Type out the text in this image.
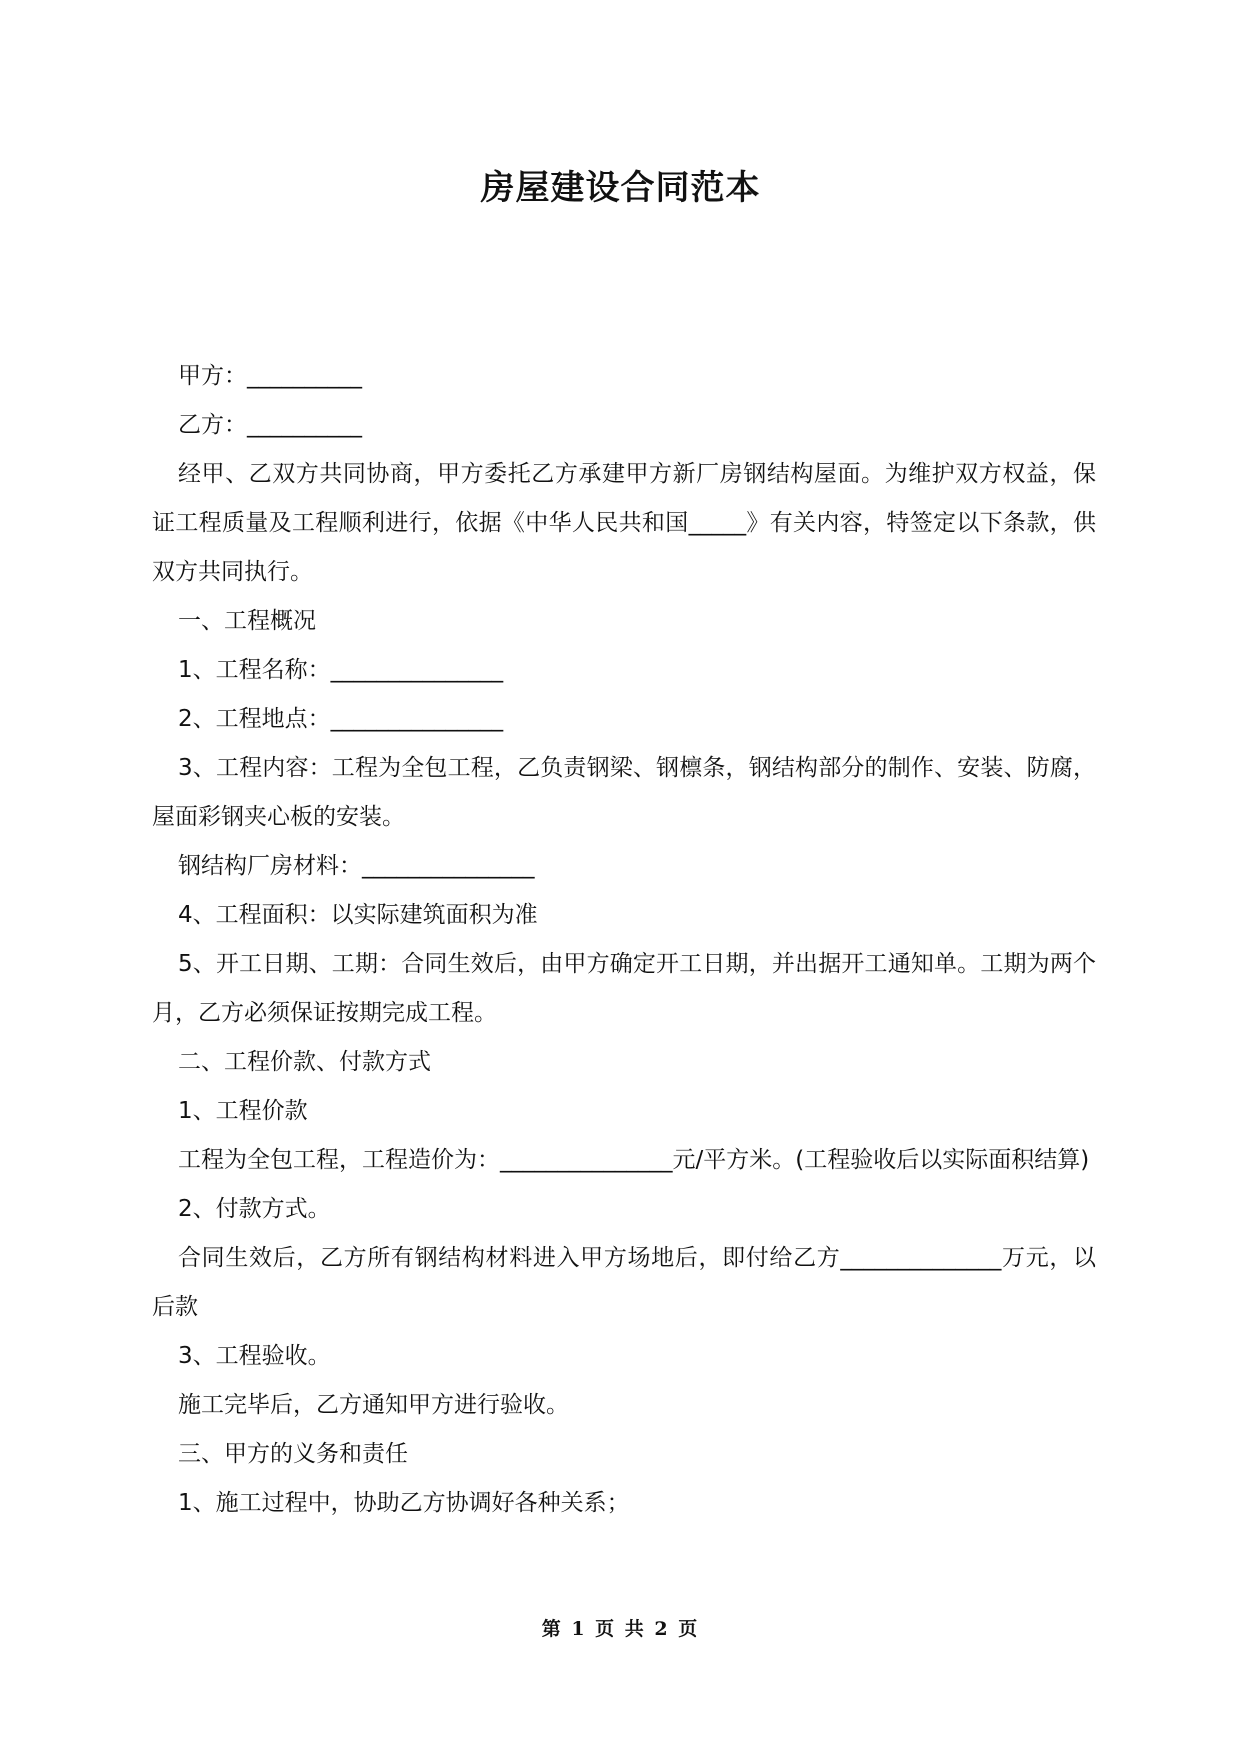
房屋建设合同范本

甲方：__________

乙方：__________

经甲、乙双方共同协商，甲方委托乙方承建甲方新厂房钢结构屋面。为维护双方权益，保证工程质量及工程顺利进行，依据《中华人民共和国_____》有关内容，特签定以下条款，供双方共同执行。

一、工程概况

1、工程名称：_______________

2、工程地点：_______________

3、工程内容：工程为全包工程，乙负责钢梁、钢檩条，钢结构部分的制作、安装、防腐，屋面彩钢夹心板的安装。

钢结构厂房材料：_______________

4、工程面积：以实际建筑面积为准

5、开工日期、工期：合同生效后，由甲方确定开工日期，并出据开工通知单。工期为两个月，乙方必须保证按期完成工程。

二、工程价款、付款方式

1、工程价款

工程为全包工程，工程造价为：_______________元/平方米。(工程验收后以实际面积结算)

2、付款方式。

合同生效后，乙方所有钢结构材料进入甲方场地后，即付给乙方______________万元，以后款

3、工程验收。

施工完毕后，乙方通知甲方进行验收。

三、甲方的义务和责任

1、施工过程中，协助乙方协调好各种关系；

第 1 页 共 2 页
